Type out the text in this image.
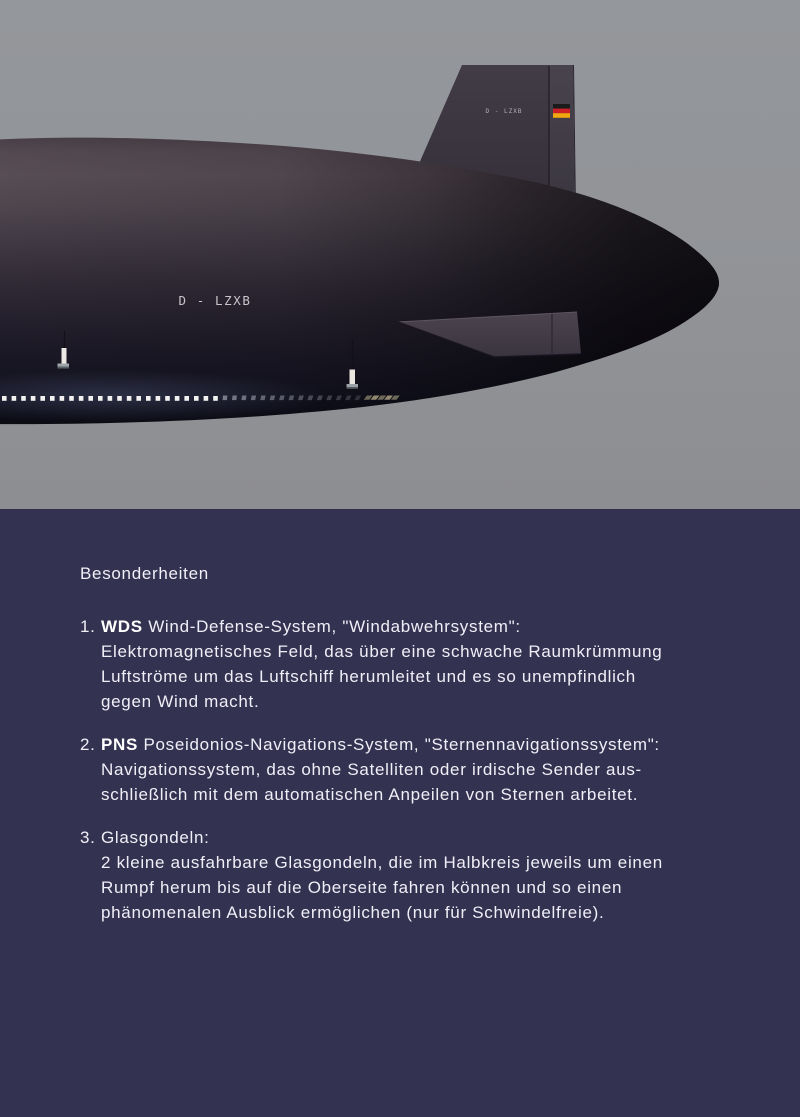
D - LZXB
D - LZXB

Besonderheiten

1. WDS Wind-Defense-System, "Windabwehrsystem":
Elektromagnetisches Feld, das über eine schwache Raumkrümmung
Luftströme um das Luftschiff herumleitet und es so unempfindlich
gegen Wind macht.
2. PNS Poseidonios-Navigations-System, "Sternennavigationssystem":
Navigationssystem, das ohne Satelliten oder irdische Sender aus-
schließlich mit dem automatischen Anpeilen von Sternen arbeitet.
3. Glasgondeln:
2 kleine ausfahrbare Glasgondeln, die im Halbkreis jeweils um einen
Rumpf herum bis auf die Oberseite fahren können und so einen
phänomenalen Ausblick ermöglichen (nur für Schwindelfreie).
